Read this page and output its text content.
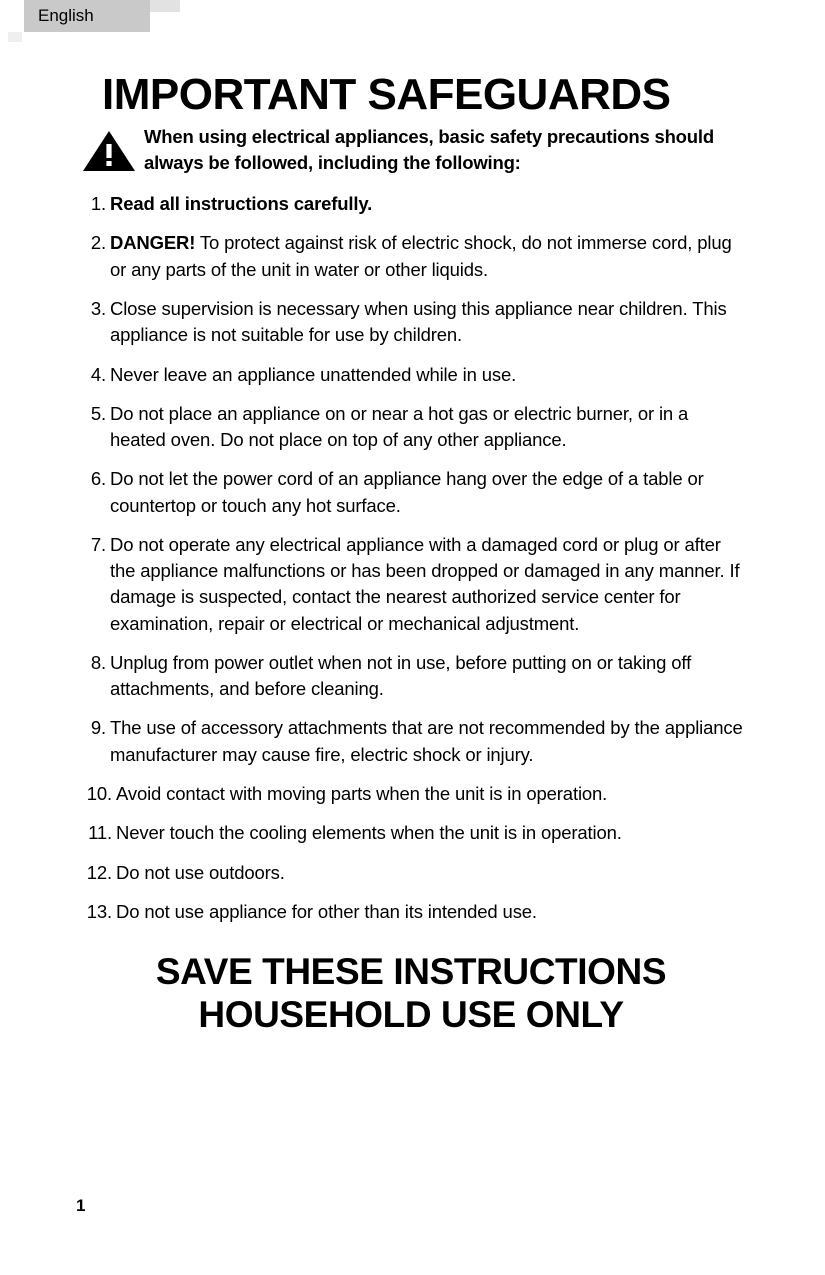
English
IMPORTANT SAFEGUARDS
When using electrical appliances, basic safety precautions should always be followed, including the following:
1. Read all instructions carefully.
2. DANGER! To protect against risk of electric shock, do not immerse cord, plug or any parts of the unit in water or other liquids.
3. Close supervision is necessary when using this appliance near children. This appliance is not suitable for use by children.
4. Never leave an appliance unattended while in use.
5. Do not place an appliance on or near a hot gas or electric burner, or in a heated oven. Do not place on top of any other appliance.
6. Do not let the power cord of an appliance hang over the edge of a table or countertop or touch any hot surface.
7. Do not operate any electrical appliance with a damaged cord or plug or after the appliance malfunctions or has been dropped or damaged in any manner. If damage is suspected, contact the nearest authorized service center for examination, repair or electrical or mechanical adjustment.
8. Unplug from power outlet when not in use, before putting on or taking off attachments, and before cleaning.
9. The use of accessory attachments that are not recommended by the appliance manufacturer may cause fire, electric shock or injury.
10. Avoid contact with moving parts when the unit is in operation.
11. Never touch the cooling elements when the unit is in operation.
12. Do not use outdoors.
13. Do not use appliance for other than its intended use.
SAVE THESE INSTRUCTIONS
HOUSEHOLD USE ONLY
1
